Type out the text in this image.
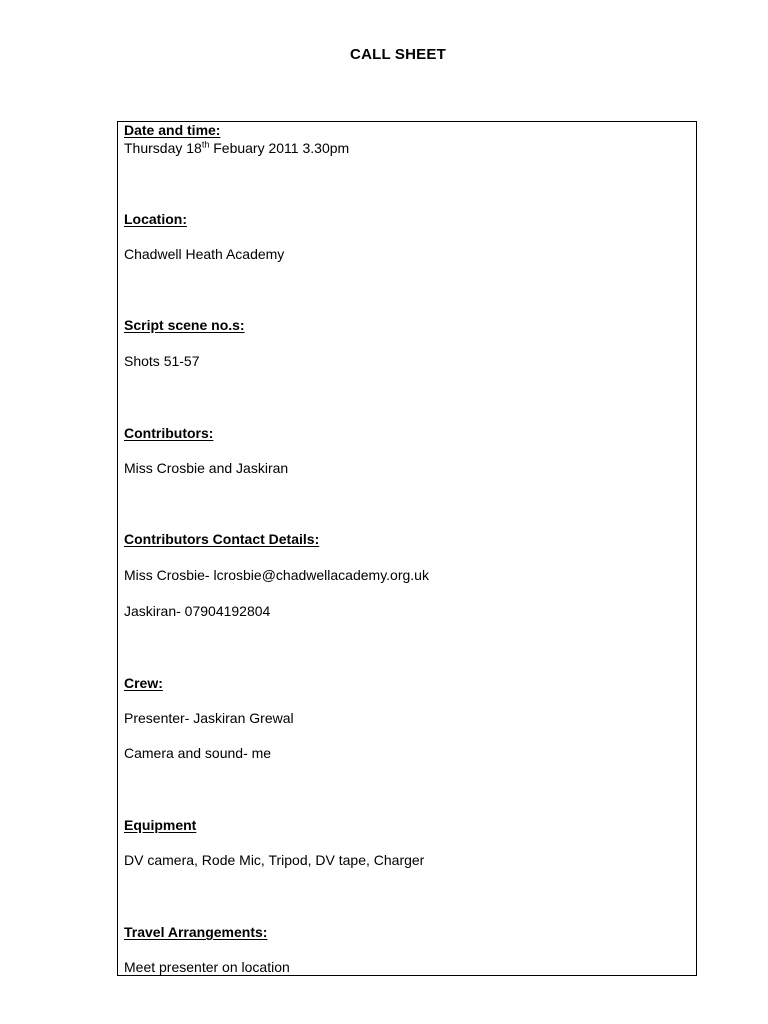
CALL SHEET
Date and time:
Thursday 18th Febuary 2011 3.30pm
Location:
Chadwell Heath Academy
Script scene no.s:
Shots 51-57
Contributors:
Miss Crosbie and Jaskiran
Contributors Contact Details:
Miss Crosbie- lcrosbie@chadwellacademy.org.uk
Jaskiran- 07904192804
Crew:
Presenter- Jaskiran Grewal
Camera and sound- me
Equipment
DV camera, Rode Mic, Tripod, DV tape, Charger
Travel Arrangements:
Meet presenter on location
